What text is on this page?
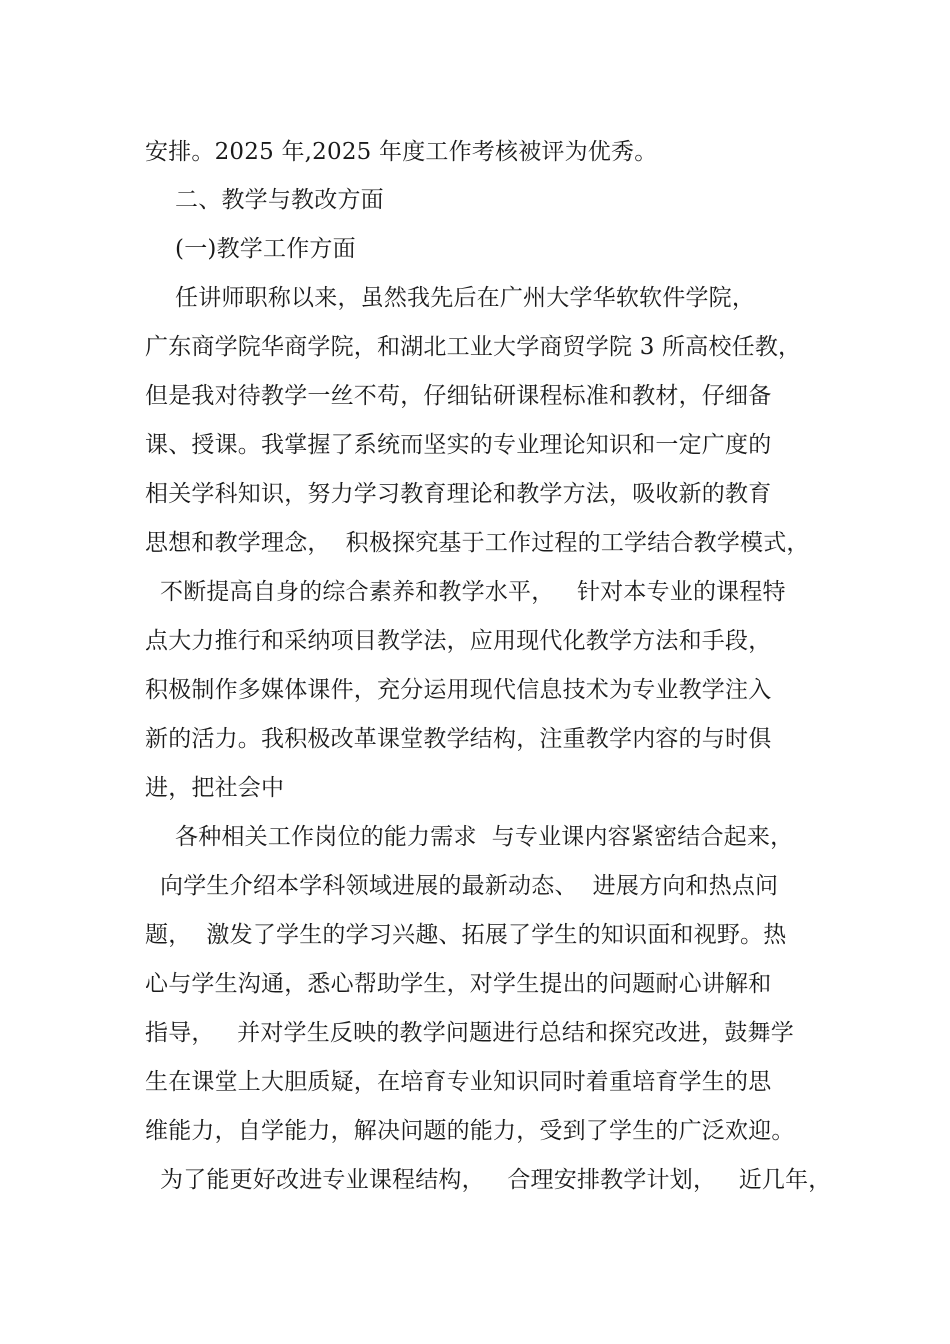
安排。2025 年,2025 年度工作考核被评为优秀。
二、教学与教改方面
(一)教学工作方面
任讲师职称以来，虽然我先后在广州大学华软软件学院，
广东商学院华商学院，和湖北工业大学商贸学院 3 所高校任教，
但是我对待教学一丝不苟，仔细钻研课程标准和教材，仔细备
课、授课。我掌握了系统而坚实的专业理论知识和一定广度的
相关学科知识，努力学习教育理论和教学方法，吸收新的教育
思想和教学理念，  积极探究基于工作过程的工学结合教学模式，
不断提高自身的综合素养和教学水平，   针对本专业的课程特
点大力推行和采纳项目教学法，应用现代化教学方法和手段，
积极制作多媒体课件，充分运用现代信息技术为专业教学注入
新的活力。我积极改革课堂教学结构，注重教学内容的与时俱
进，把社会中
各种相关工作岗位的能力需求  与专业课内容紧密结合起来，
向学生介绍本学科领域进展的最新动态、  进展方向和热点问
题，  激发了学生的学习兴趣、拓展了学生的知识面和视野。热
心与学生沟通，悉心帮助学生，对学生提出的问题耐心讲解和
指导，   并对学生反映的教学问题进行总结和探究改进，鼓舞学
生在课堂上大胆质疑，在培育专业知识同时着重培育学生的思
维能力，自学能力，解决问题的能力，受到了学生的广泛欢迎。
为了能更好改进专业课程结构，   合理安排教学计划，   近几年，
